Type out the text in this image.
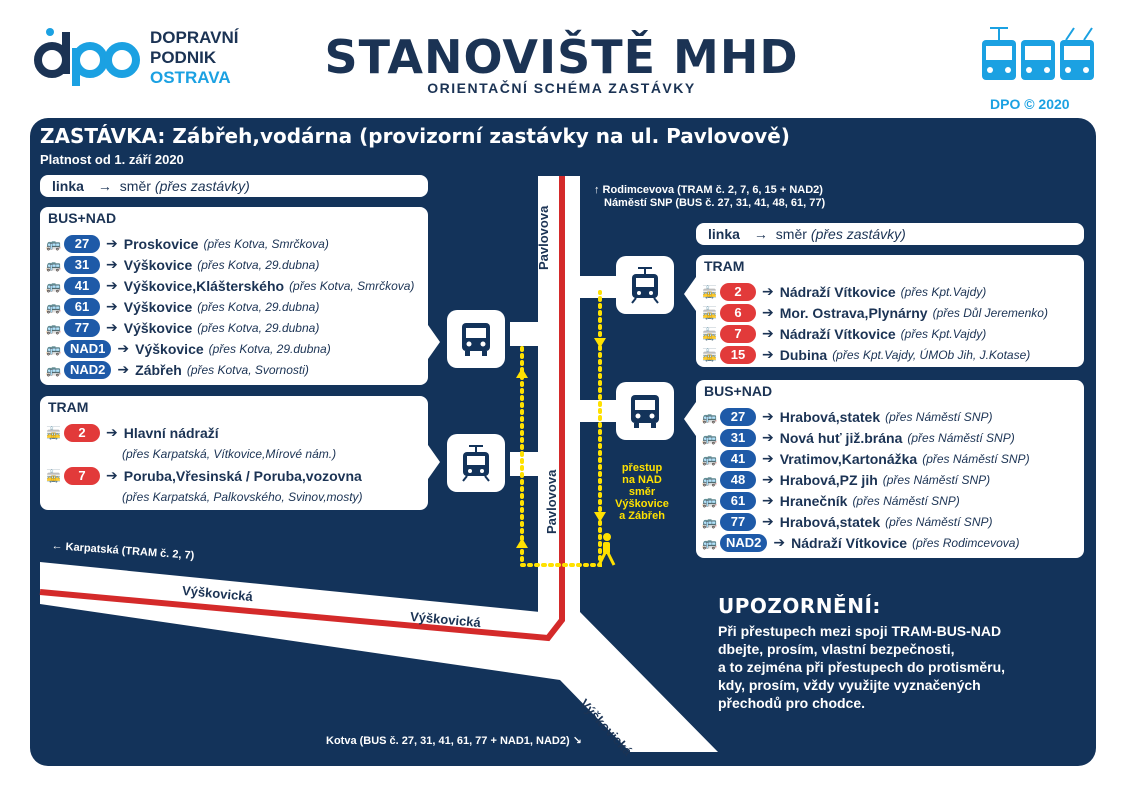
DOPRAVNÍ
PODNIK
OSTRAVA	STANOVIŠTĚ MHD
ORIENTAČNÍ SCHÉMA ZASTÁVKY
DPO © 2020
ZASTÁVKA: Zábřeh,vodárna (provizorní zastávky na ul. Pavlovově)
Platnost od 1. září 2020
linka → směr (přes zastávky)
BUS+NAD
🚌	27	➔ Proskovice (přes Kotva, Smrčkova)
🚌	31	➔ Výškovice (přes Kotva, 29.dubna)
🚌	41	➔ Výškovice,Klášterského (přes Kotva, Smrčkova)
🚌	61	➔ Výškovice (přes Kotva, 29.dubna)
🚌	77	➔ Výškovice (přes Kotva, 29.dubna)
🚌 NAD1 ➔ Výškovice (přes Kotva, 29.dubna)
🚌 NAD2 ➔ Zábřeh (přes Kotva, Svornosti)
TRAM
🚋	2	➔ Hlavní nádraží
(přes Karpatská, Vítkovice,Mírové nám.)
🚋	7	➔ Poruba,Vřesinská / Poruba,vozovna
(přes Karpatská, Palkovského, Svinov,mosty)
linka → směr (přes zastávky)
TRAM
🚋	2	➔ Nádraží Vítkovice (přes Kpt.Vajdy)
🚋	6	➔ Mor. Ostrava,Plynárny (přes Důl Jeremenko)
🚋	7	➔ Nádraží Vítkovice (přes Kpt.Vajdy)
🚋	15	➔ Dubina (přes Kpt.Vajdy, ÚMOb Jih, J.Kotase)
BUS+NAD
🚌	27	➔ Hrabová,statek (přes Náměstí SNP)
🚌	31	➔ Nová huť již.brána (přes Náměstí SNP)
🚌	41	➔ Vratimov,Kartonážka (přes Náměstí SNP)
🚌	48	➔ Hrabová,PZ jih (přes Náměstí SNP)
🚌	61	➔ Hranečník (přes Náměstí SNP)
🚌	77	➔ Hrabová,statek (přes Náměstí SNP)
🚌 NAD2 ➔ Nádraží Vítkovice (přes Rodimcevova)
↑ Rodimcevova (TRAM č. 2, 7, 6, 15 + NAD2)
Náměstí SNP (BUS č. 27, 31, 41, 48, 61, 77)
← Karpatská (TRAM č. 2, 7)
Kotva (BUS č. 27, 31, 41, 61, 77 + NAD1, NAD2) ↘
Pavlovova
Pavlovova
Výškovická
Výškovická
Výškovická
přestup
na NAD
směr
Výškovice
a Zábřeh
UPOZORNĚNÍ:
Při přestupech mezi spoji TRAM-BUS-NAD
dbejte, prosím, vlastní bezpečnosti,
a to zejména při přestupech do protisměru,
kdy, prosím, vždy využijte vyznačených
přechodů pro chodce.
